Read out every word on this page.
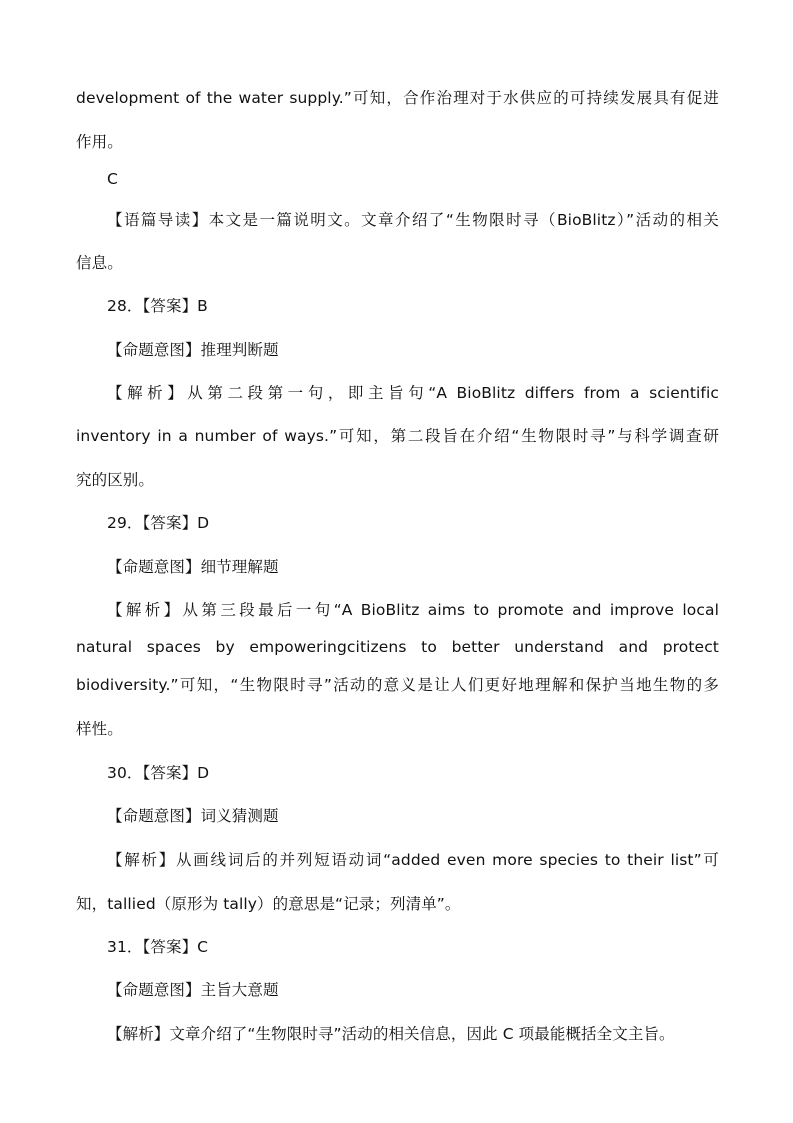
development of the water supply.”可知，合作治理对于水供应的可持续发展具有促进
作用。
C
【语篇导读】本文是一篇说明文。文章介绍了“生物限时寻（BioBlitz）”活动的相关
信息。
28．【答案】B
【命题意图】推理判断题
【解析】从第二段第一句，即主旨句“A BioBlitz differs from a scientific
inventory in a number of ways.”可知，第二段旨在介绍“生物限时寻”与科学调查研
究的区别。
29．【答案】D
【命题意图】细节理解题
【解析】从第三段最后一句“A BioBlitz aims to promote and improve local
natural spaces by empoweringcitizens to better understand and protect
biodiversity.”可知，“生物限时寻”活动的意义是让人们更好地理解和保护当地生物的多
样性。
30．【答案】D
【命题意图】词义猜测题
【解析】从画线词后的并列短语动词“added even more species to their list”可
知，tallied（原形为 tally）的意思是“记录；列清单”。
31．【答案】C
【命题意图】主旨大意题
【解析】文章介绍了“生物限时寻”活动的相关信息，因此 C 项最能概括全文主旨。
